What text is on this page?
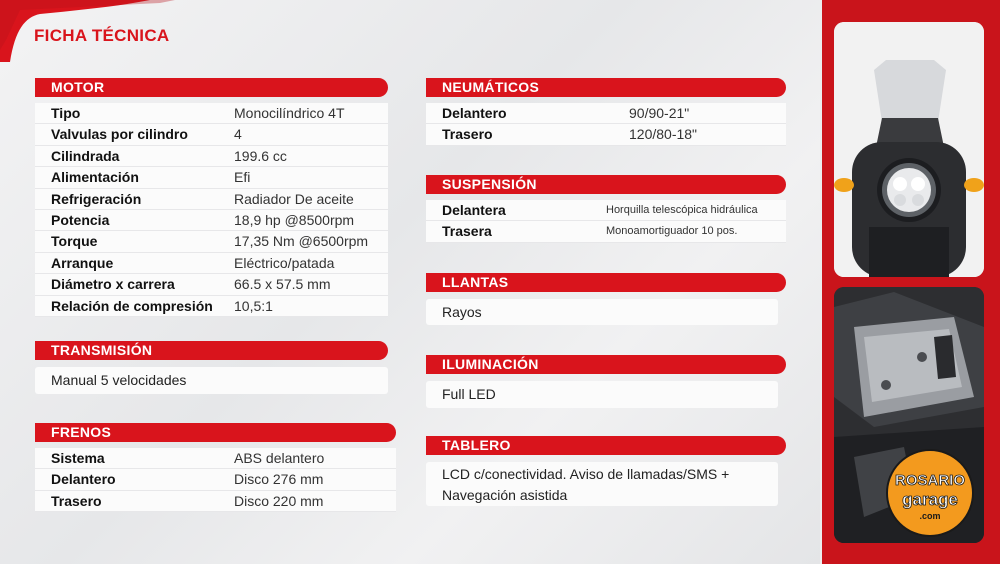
FICHA TÉCNICA
MOTOR
Tipo	Monocilíndrico 4T
Valvulas por cilindro	4
Cilindrada	199.6 cc
Alimentación	Efi
Refrigeración	Radiador De aceite
Potencia	18,9 hp @8500rpm
Torque	17,35 Nm @6500rpm
Arranque	Eléctrico/patada
Diámetro x carrera	66.5 x 57.5 mm
Relación de compresión 10,5:1
TRANSMISIÓN
Manual 5 velocidades
FRENOS
Sistema	ABS delantero
Delantero	Disco 276 mm
Trasero	Disco 220 mm
NEUMÁTICOS
Delantero	90/90-21"
Trasero	120/80-18"
SUSPENSIÓN
Delantera	Horquilla telescópica hidráulica
Trasera	Monoamortiguador 10 pos.
LLANTAS
Rayos
ILUMINACIÓN
Full LED
TABLERO
LCD c/conectividad. Aviso de llamadas/SMS +
Navegación asistida
ROSARIO
garage
.com
